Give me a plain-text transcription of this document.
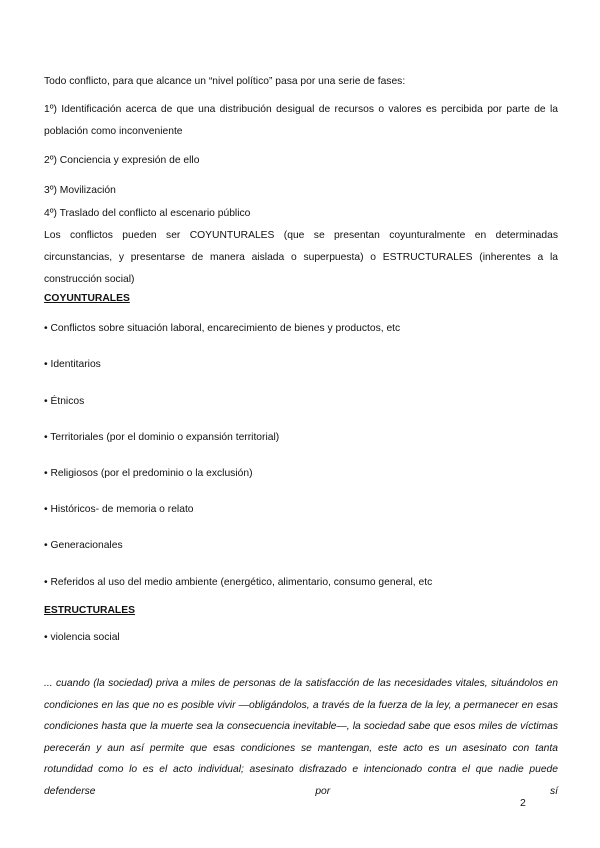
Todo conflicto, para que alcance un “nivel político” pasa por una serie de fases:
1º) Identificación acerca de que una distribución desigual de recursos o valores es percibida por parte de la población como inconveniente
2º) Conciencia y expresión de ello
3º) Movilización
4º) Traslado del conflicto al escenario público
Los conflictos pueden ser COYUNTURALES (que se presentan coyunturalmente en determinadas circunstancias, y presentarse de manera aislada o superpuesta) o ESTRUCTURALES (inherentes a la construcción social)
COYUNTURALES
• Conflictos sobre situación laboral, encarecimiento de bienes y productos, etc
• Identitarios
• Étnicos
• Territoriales (por el dominio o expansión territorial)
• Religiosos (por el predominio o la exclusión)
• Históricos- de memoria o relato
• Generacionales
• Referidos al uso del medio ambiente (energético, alimentario, consumo general, etc
ESTRUCTURALES
• violencia social
... cuando (la sociedad) priva a miles de personas de la satisfacción de las necesidades vitales, situándolos en condiciones en las que no es posible vivir —obligándolos, a través de la fuerza de la ley, a permanecer en esas condiciones hasta que la muerte sea la consecuencia inevitable—, la sociedad sabe que esos miles de víctimas perecerán y aun así permite que esas condiciones se mantengan, este acto es un asesinato con tanta rotundidad como lo es el acto individual; asesinato disfrazado e intencionado contra el que nadie puede defenderse por sí
2
